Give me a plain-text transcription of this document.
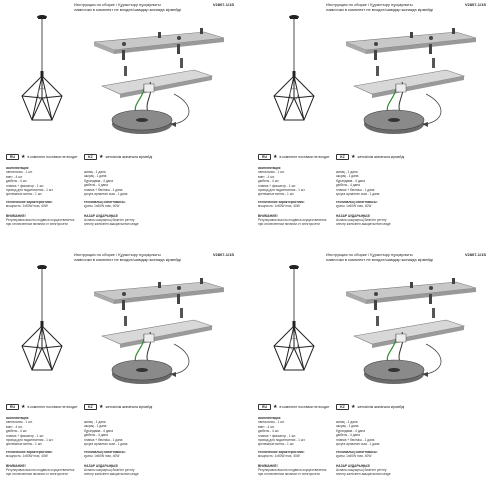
Инструкция по сборке / Құрастыру нұсқаулығы	V2807-1/1S
лампочки в комплект не входят/шамдар жинаққа кірмейді
RU ★ в комплект поставки не входит	KZ ★ жеткізілім жинағына кірмейді
комплектация:
светильник - 1 шт.
винт - 4 шт.
дюбель - 4 шт.
планка + фиксатор - 1 шт.
провод для подключения - 1 шт.
крепежные винты - 1 шт.
жинақ - 1 дана
шырақ - 1 дана
бұрандама - 4 дана
дюбель - 4 дана
планка + бекіткіш - 1 дана
қосуға арналған сым - 1 дана
технические характеристики:
мощность: 1x60W max, 40W
техникалық сипаттамасы:
қуаты: 1x60W max, 40W
ВНИМАНИЕ!
Регулировка высоты подвеса осуществляется
при отключенном питании от электросети
НАЗАР АУДАРЫҢЫЗ!
Аспалы шырақтың биіктігін реттеу
электр желісінен ажыратылған кезде
Инструкция по сборке / Құрастыру нұсқаулығы	V2807-1/1S
лампочки в комплект не входят/шамдар жинаққа кірмейді
RU ★ в комплект поставки не входит	KZ ★ жеткізілім жинағына кірмейді
комплектация:
светильник - 1 шт.
винт - 4 шт.
дюбель - 4 шт.
планка + фиксатор - 1 шт.
провод для подключения - 1 шт.
крепежные винты - 1 шт.
жинақ - 1 дана
шырақ - 1 дана
бұрандама - 4 дана
дюбель - 4 дана
планка + бекіткіш - 1 дана
қосуға арналған сым - 1 дана
технические характеристики:
мощность: 1x60W max, 40W
техникалық сипаттамасы:
қуаты: 1x60W max, 40W
ВНИМАНИЕ!
Регулировка высоты подвеса осуществляется
при отключенном питании от электросети
НАЗАР АУДАРЫҢЫЗ!
Аспалы шырақтың биіктігін реттеу
электр желісінен ажыратылған кезде
Инструкция по сборке / Құрастыру нұсқаулығы	V2807-1/1S
лампочки в комплект не входят/шамдар жинаққа кірмейді
RU ★ в комплект поставки не входит	KZ ★ жеткізілім жинағына кірмейді
комплектация:
светильник - 1 шт.
винт - 4 шт.
дюбель - 4 шт.
планка + фиксатор - 1 шт.
провод для подключения - 1 шт.
крепежные винты - 1 шт.
жинақ - 1 дана
шырақ - 1 дана
бұрандама - 4 дана
дюбель - 4 дана
планка + бекіткіш - 1 дана
қосуға арналған сым - 1 дана
технические характеристики:
мощность: 1x60W max, 40W
техникалық сипаттамасы:
қуаты: 1x60W max, 40W
ВНИМАНИЕ!
Регулировка высоты подвеса осуществляется
при отключенном питании от электросети
НАЗАР АУДАРЫҢЫЗ!
Аспалы шырақтың биіктігін реттеу
электр желісінен ажыратылған кезде
Инструкция по сборке / Құрастыру нұсқаулығы	V2807-1/1S
лампочки в комплект не входят/шамдар жинаққа кірмейді
RU ★ в комплект поставки не входит	KZ ★ жеткізілім жинағына кірмейді
комплектация:
светильник - 1 шт.
винт - 4 шт.
дюбель - 4 шт.
планка + фиксатор - 1 шт.
провод для подключения - 1 шт.
крепежные винты - 1 шт.
жинақ - 1 дана
шырақ - 1 дана
бұрандама - 4 дана
дюбель - 4 дана
планка + бекіткіш - 1 дана
қосуға арналған сым - 1 дана
технические характеристики:
мощность: 1x60W max, 40W
техникалық сипаттамасы:
қуаты: 1x60W max, 40W
ВНИМАНИЕ!
Регулировка высоты подвеса осуществляется
при отключенном питании от электросети
НАЗАР АУДАРЫҢЫЗ!
Аспалы шырақтың биіктігін реттеу
электр желісінен ажыратылған кезде
